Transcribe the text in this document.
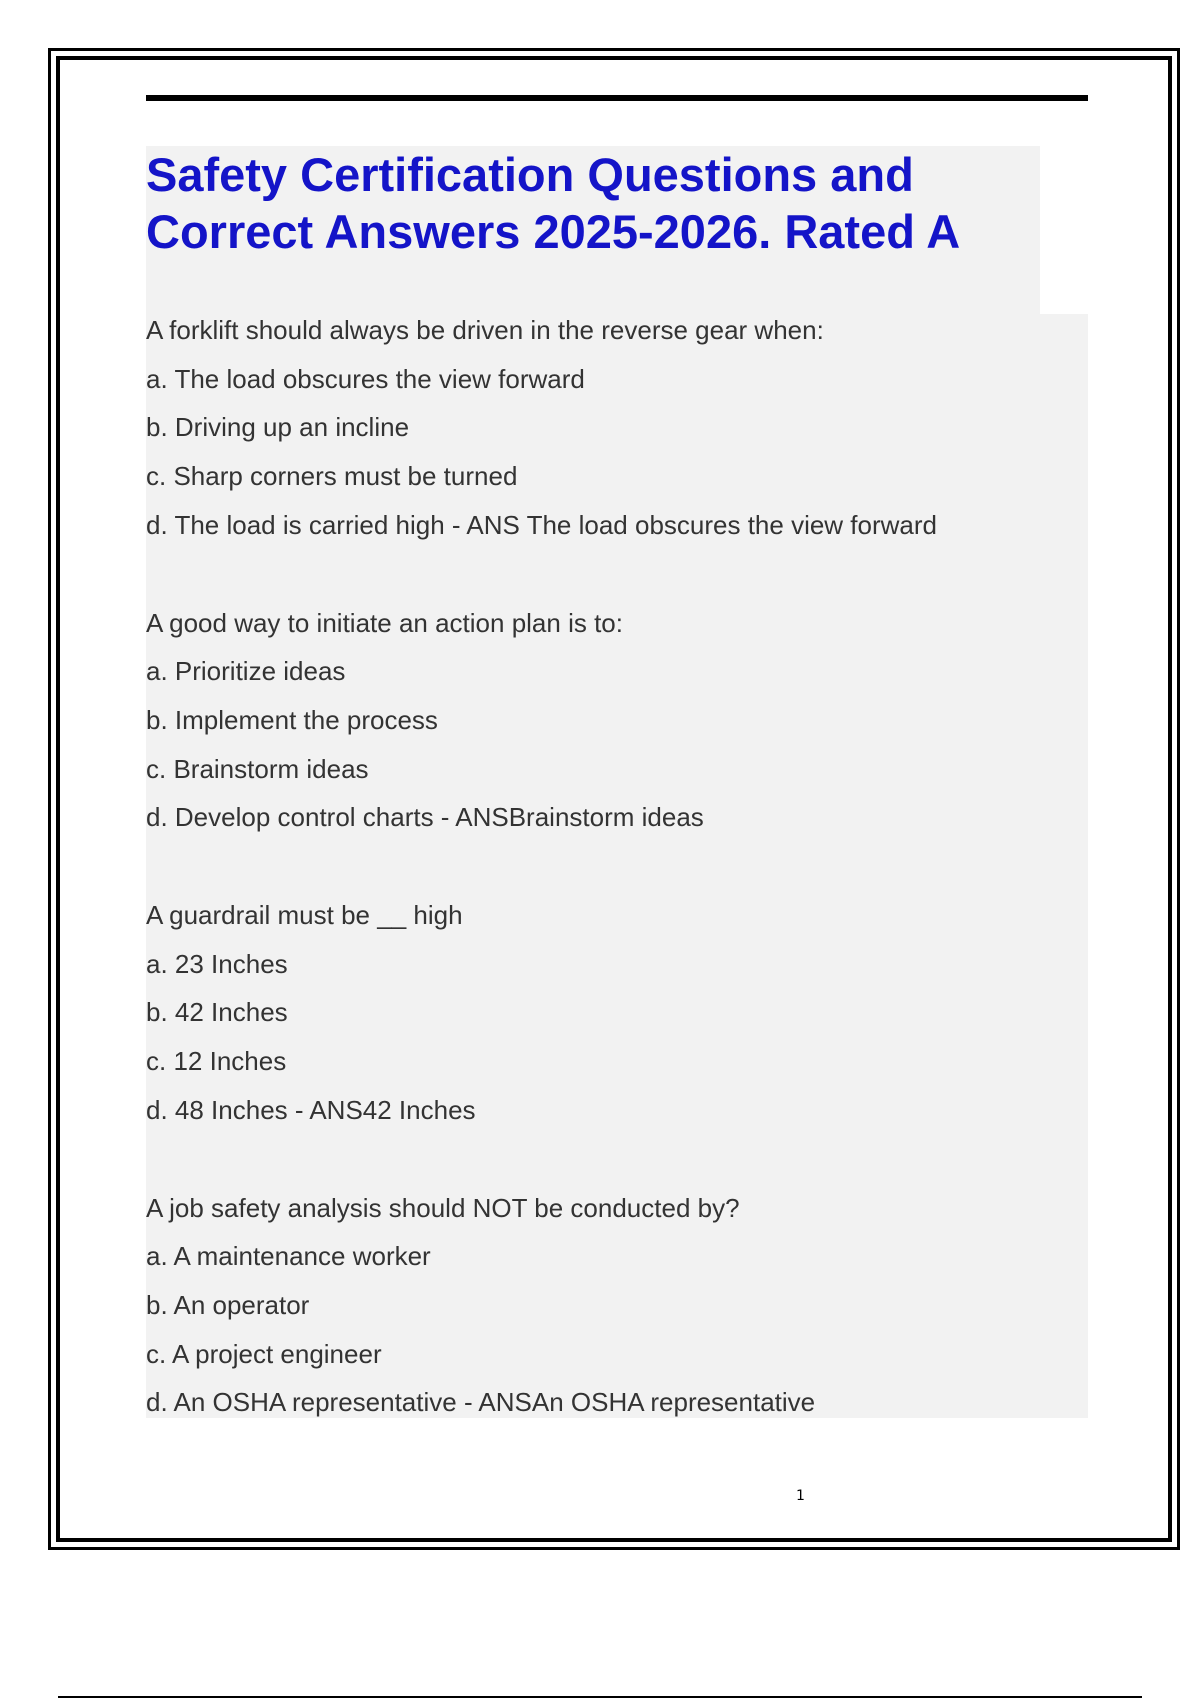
Safety Certification Questions and
Correct Answers 2025-2026. Rated A
A forklift should always be driven in the reverse gear when:
a. The load obscures the view forward
b. Driving up an incline
c. Sharp corners must be turned
d. The load is carried high - ANS The load obscures the view forward
A good way to initiate an action plan is to:
a. Prioritize ideas
b. Implement the process
c. Brainstorm ideas
d. Develop control charts - ANSBrainstorm ideas
A guardrail must be __ high
a. 23 Inches
b. 42 Inches
c. 12 Inches
d. 48 Inches - ANS42 Inches
A job safety analysis should NOT be conducted by?
a. A maintenance worker
b. An operator
c. A project engineer
d. An OSHA representative - ANSAn OSHA representative
1
